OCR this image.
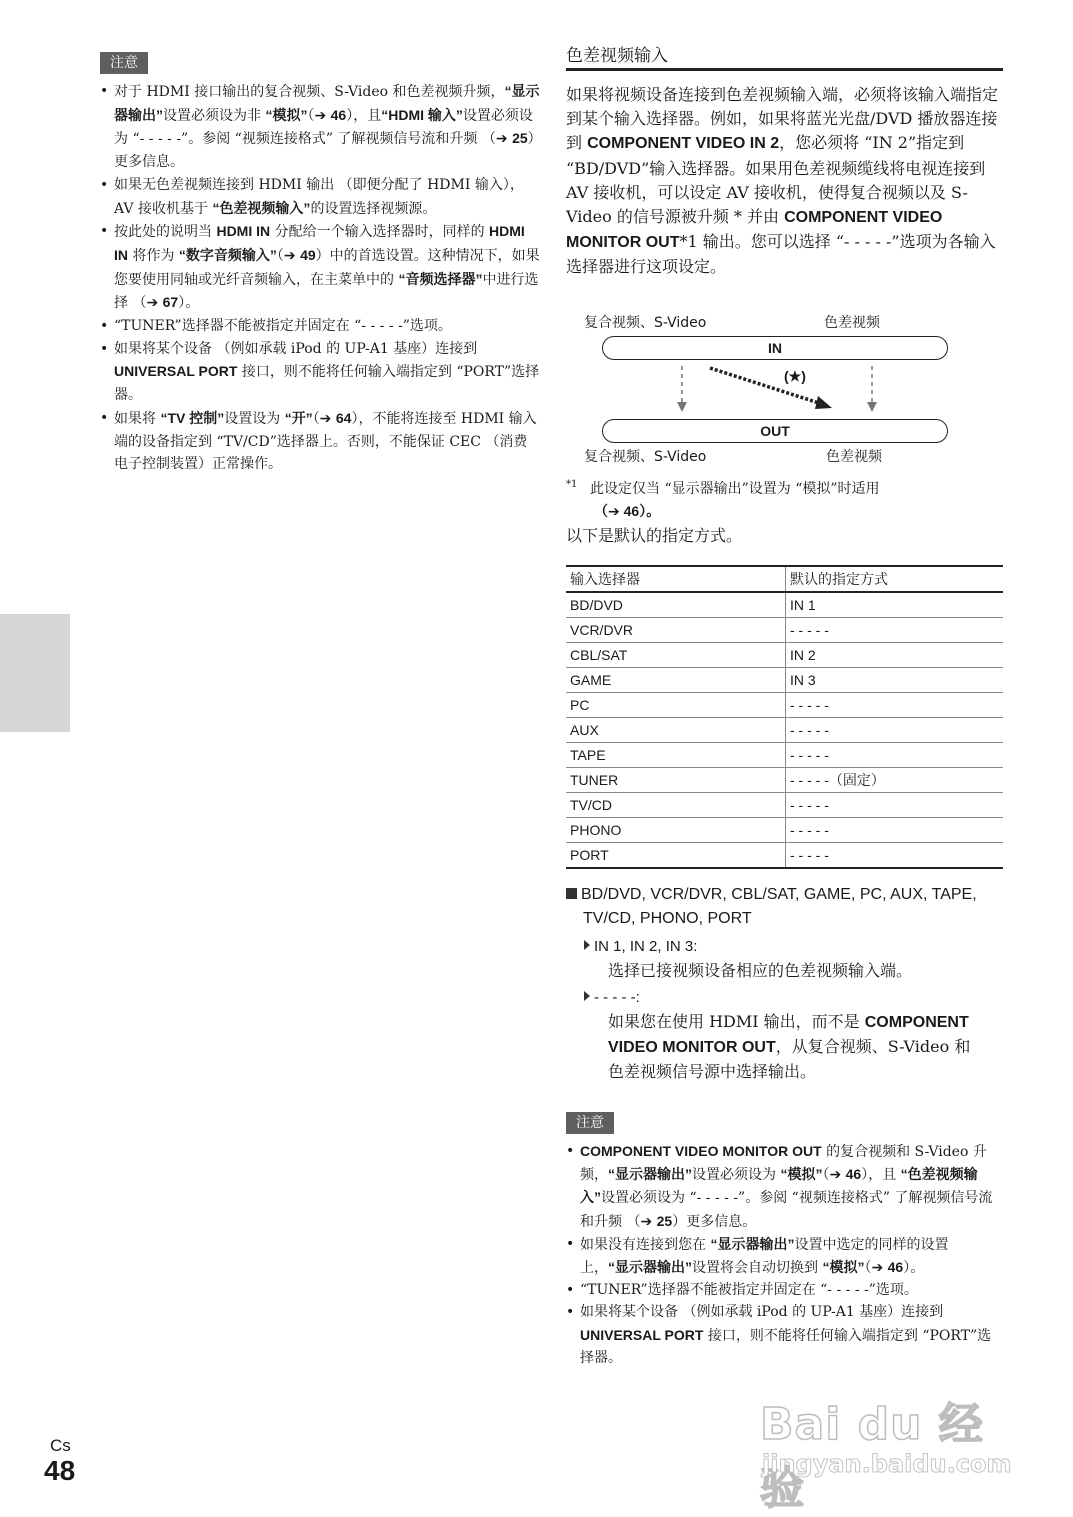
注意
• 对于 HDMI 接口输出的复合视频、S-Video 和色差视频升频，“显示器输出”设置必须设为非 “模拟”（➔ 46），且“HDMI 输入”设置必须设为 “- - - - -”。参阅 “视频连接格式” 了解视频信号流和升频 （➔ 25）更多信息。
• 如果无色差视频连接到 HDMI 输出 （即便分配了 HDMI 输入），AV 接收机基于 “色差视频输入”的设置选择视频源。
• 按此处的说明当 HDMI IN 分配给一个输入选择器时，同样的 HDMI IN 将作为 “数字音频输入”（➔ 49）中的首选设置。这种情况下，如果您要使用同轴或光纤音频输入，在主菜单中的 “音频选择器”中进行选择 （➔ 67）。
• “TUNER”选择器不能被指定并固定在 “- - - - -”选项。
• 如果将某个设备 （例如承载 iPod 的 UP-A1 基座）连接到 UNIVERSAL PORT 接口，则不能将任何输入端指定到 “PORT”选择器。
• 如果将 “TV 控制”设置设为 “开”（➔ 64），不能将连接至 HDMI 输入端的设备指定到 “TV/CD”选择器上。否则，不能保证 CEC （消费电子控制装置）正常操作。
色差视频输入

如果将视频设备连接到色差视频输入端，必须将该输入端指定到某个输入选择器。例如，如果将蓝光光盘/DVD 播放器连接到 COMPONENT VIDEO IN 2，您必须将 “IN 2”指定到 “BD/DVD”输入选择器。如果用色差视频缆线将电视连接到 AV 接收机，可以设定 AV 接收机，使得复合视频以及 S-Video 的信号源被升频 * 并由 COMPONENT VIDEO MONITOR OUT*1 输出。您可以选择 “- - - - -”选项为各输入选择器进行这项设定。

复合视频、S-Video	色差视频
IN
(★)
OUT
复合视频、S-Video	色差视频
*1 此设定仅当 “显示器输出”设置为 “模拟”时适用
（➔ 46）。
以下是默认的指定方式。
输入选择器	默认的指定方式
BD/DVD	IN 1
VCR/DVR	- - - - -
CBL/SAT	IN 2
GAME	IN 3
PC	- - - - -
AUX	- - - - -
TAPE	- - - - -
TUNER	- - - - -（固定）
TV/CD	- - - - -
PHONO	- - - - -
PORT	- - - - -
BD/DVD, VCR/DVR, CBL/SAT, GAME, PC, AUX, TAPE,
TV/CD, PHONO, PORT
IN 1, IN 2, IN 3:
选择已接视频设备相应的色差视频输入端。
- - - - -:
如果您在使用 HDMI 输出，而不是 COMPONENT VIDEO MONITOR OUT，从复合视频、S-Video 和色差视频信号源中选择输出。
注意
• COMPONENT VIDEO MONITOR OUT 的复合视频和 S-Video 升频，“显示器输出”设置必须设为 “模拟”（➔ 46），且 “色差视频输入”设置必须设为 “- - - - -”。参阅 “视频连接格式” 了解视频信号流和升频 （➔ 25）更多信息。
• 如果没有连接到您在 “显示器输出”设置中选定的同样的设置上，“显示器输出”设置将会自动切换到 “模拟”（➔ 46）。
• “TUNER”选择器不能被指定并固定在 “- - - - -”选项。
• 如果将某个设备 （例如承载 iPod 的 UP-A1 基座）连接到 UNIVERSAL PORT 接口，则不能将任何输入端指定到 “PORT”选择器。
Cs
48
Bai du 经验
jingyan.baidu.com
